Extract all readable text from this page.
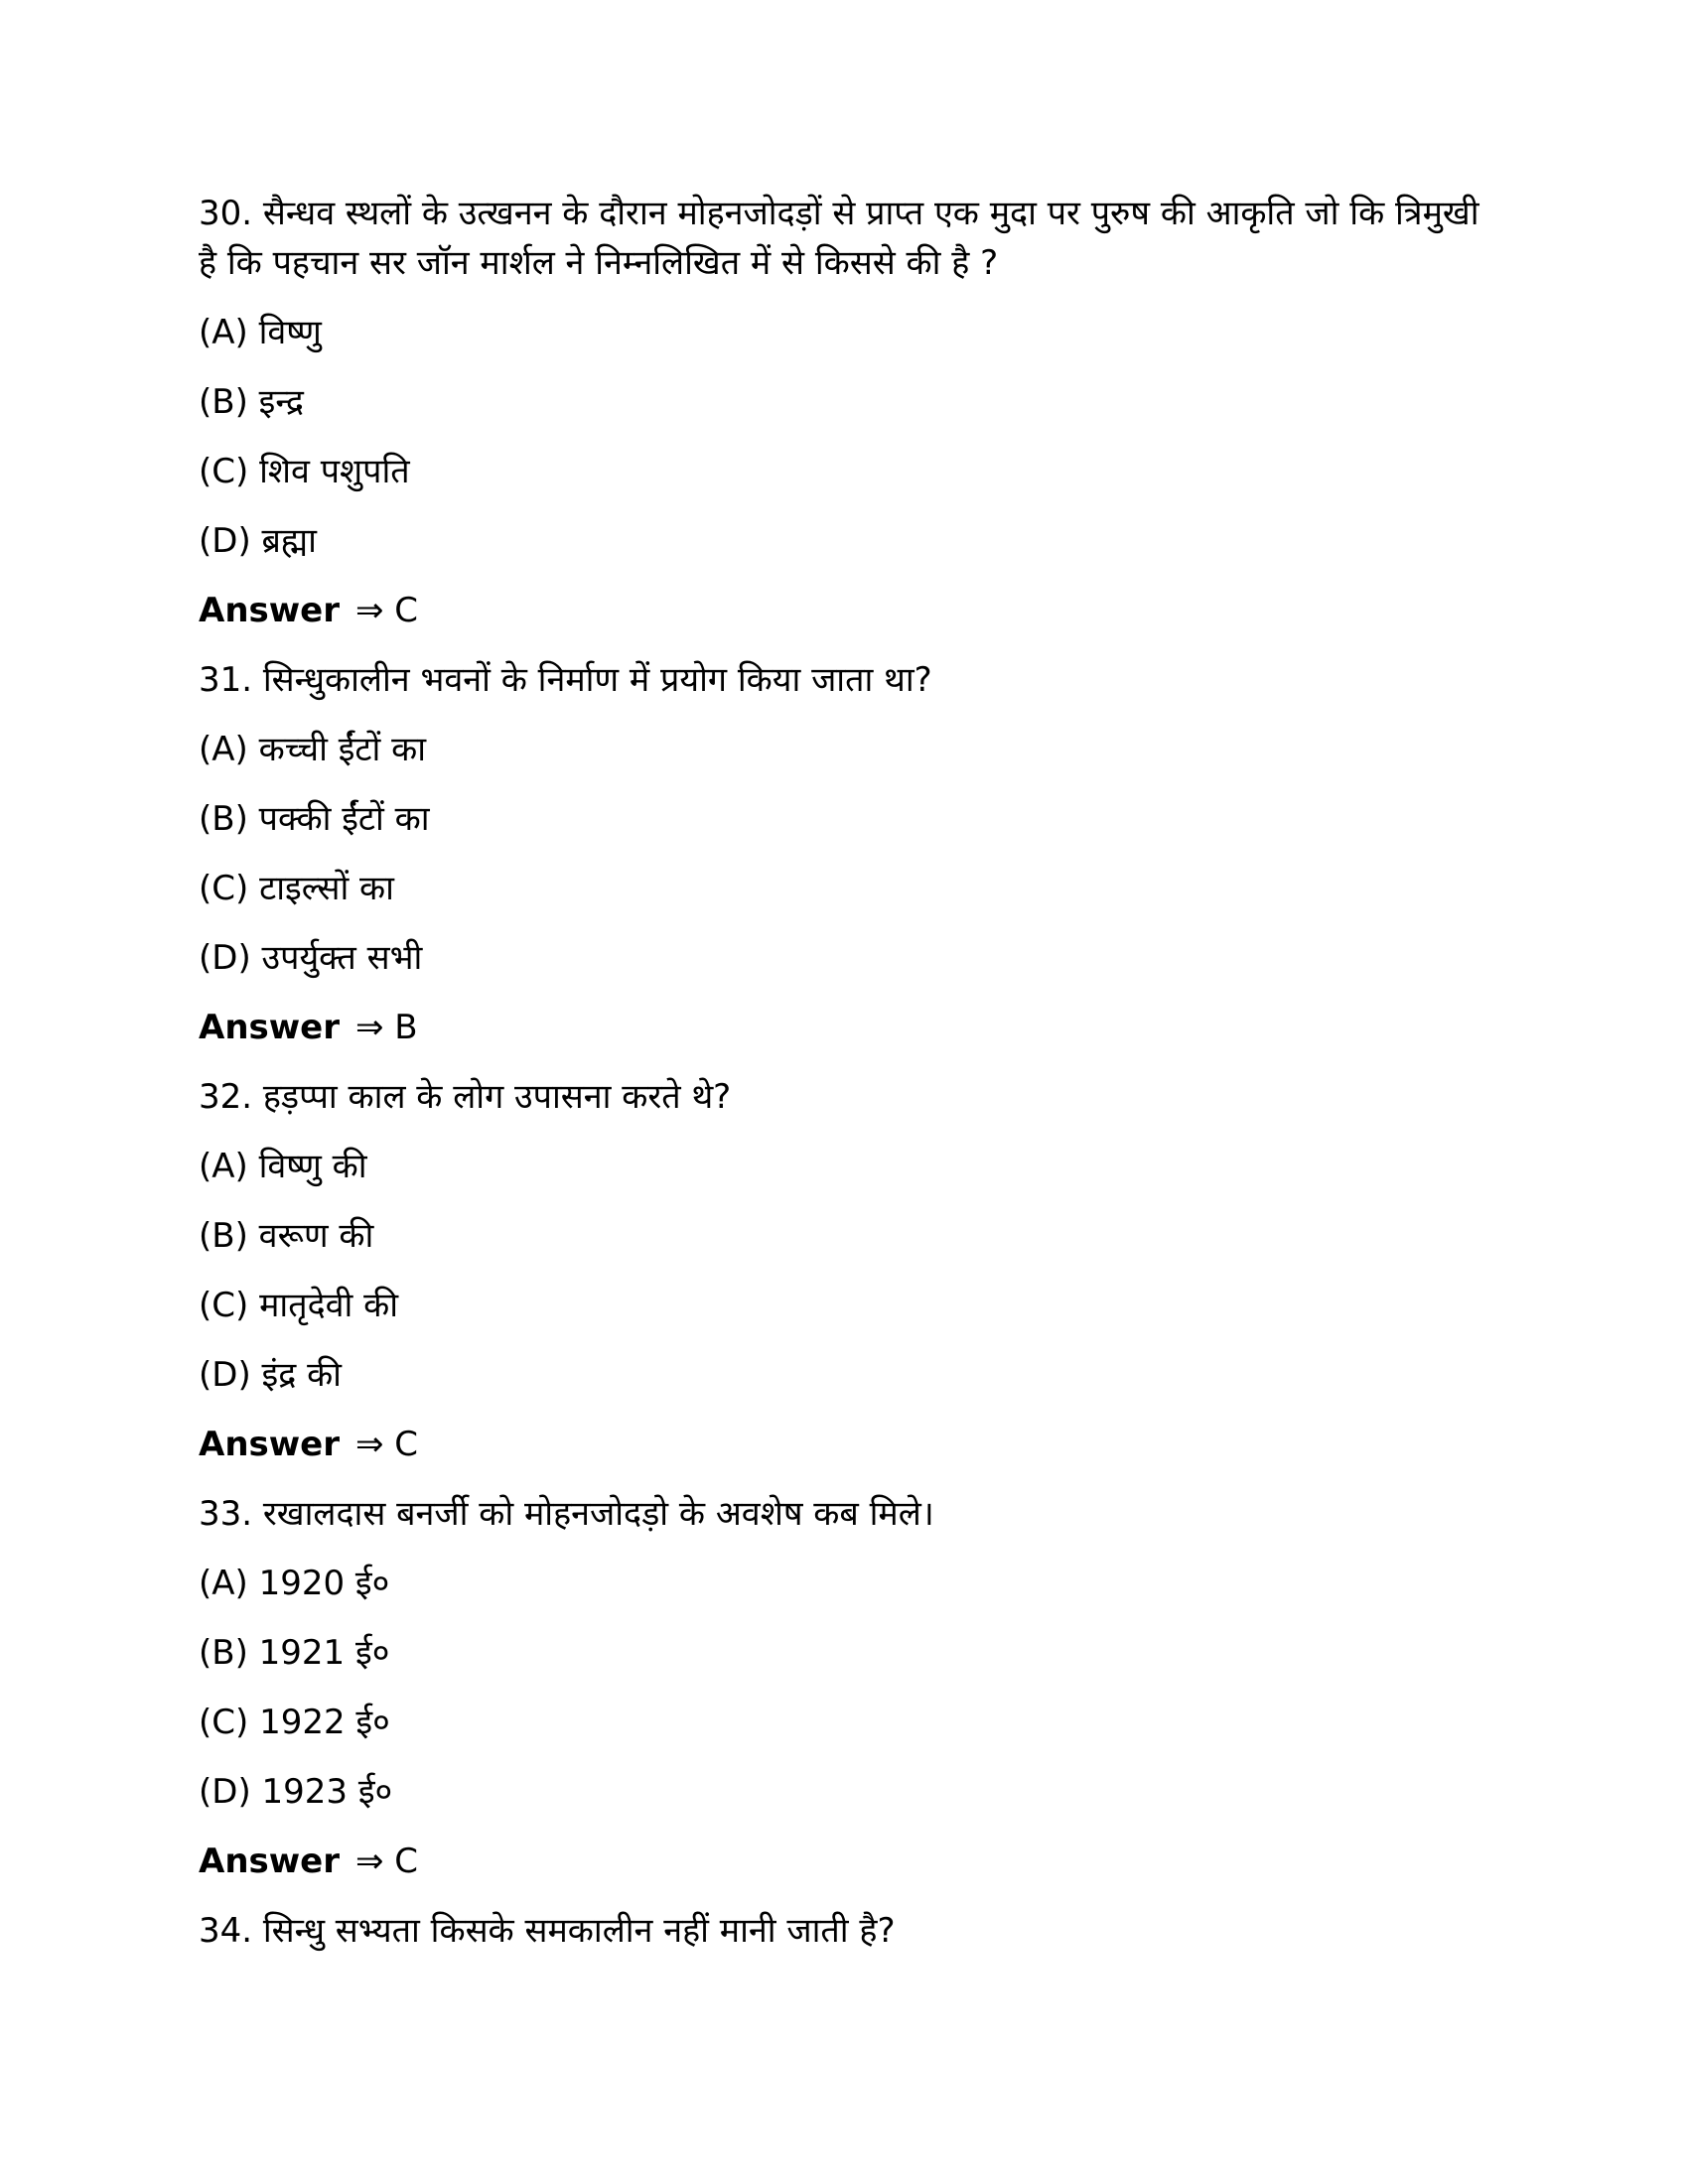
30. सैन्धव स्थलों के उत्खनन के दौरान मोहनजोदड़ों से प्राप्त एक मुदा पर पुरुष की आकृति जो कि त्रिमुखी है कि पहचान सर जॉन मार्शल ने निम्नलिखित में से किससे की है ?
(A) विष्णु
(B) इन्द्र
(C) शिव पशुपति
(D) ब्रह्मा
Answer ⇒ C
31. सिन्धुकालीन भवनों के निर्माण में प्रयोग किया जाता था?
(A) कच्ची ईंटों का
(B) पक्की ईंटों का
(C) टाइल्सों का
(D) उपर्युक्त सभी
Answer ⇒ B
32. हड़प्पा काल के लोग उपासना करते थे?
(A) विष्णु की
(B) वरूण की
(C) मातृदेवी की
(D) इंद्र की
Answer ⇒ C
33. रखालदास बनर्जी को मोहनजोदड़ो के अवशेष कब मिले।
(A) 1920 ई०
(B) 1921 ई०
(C) 1922 ई०
(D) 1923 ई०
Answer ⇒ C
34. सिन्धु सभ्यता किसके समकालीन नहीं मानी जाती है?
